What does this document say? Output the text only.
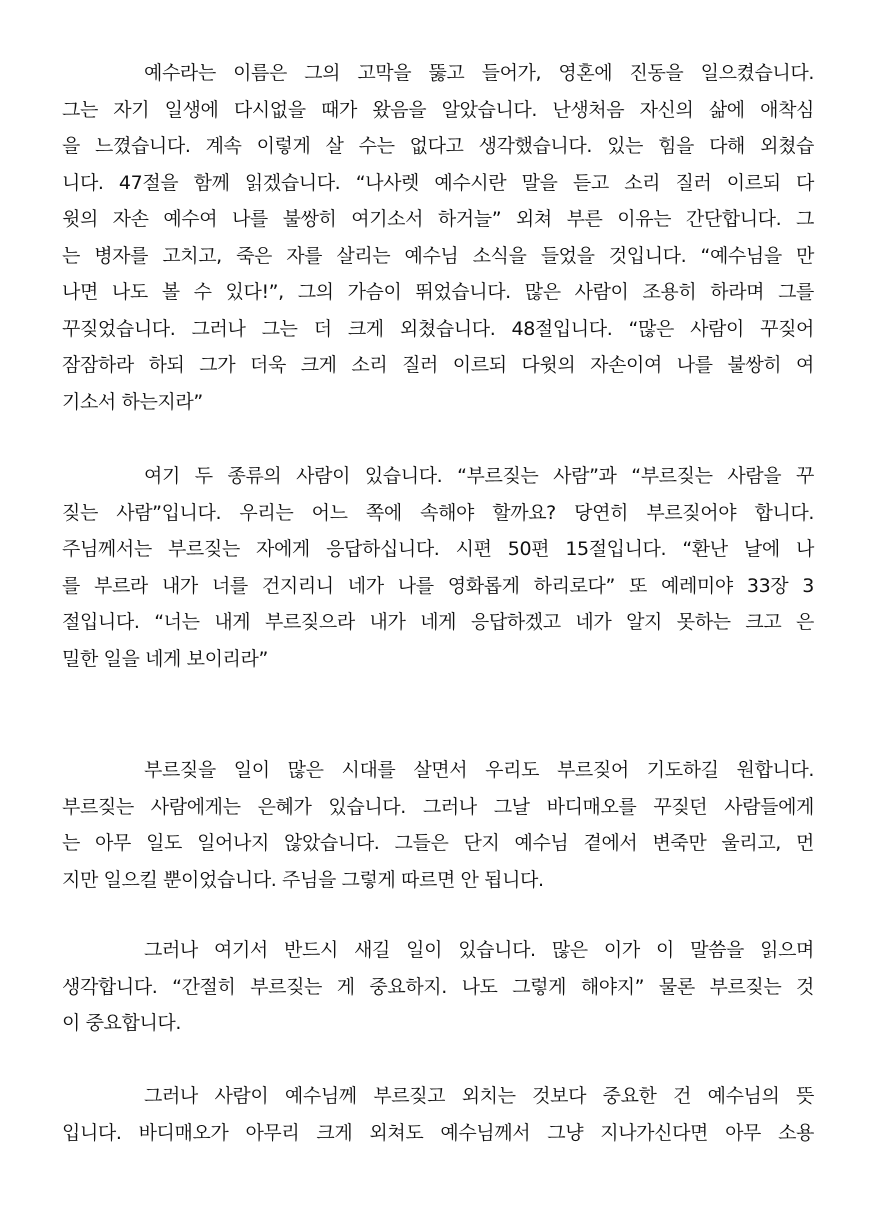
예수라는 이름은 그의 고막을 뚫고 들어가, 영혼에 진동을 일으켰습니다.
그는 자기 일생에 다시없을 때가 왔음을 알았습니다. 난생처음 자신의 삶에 애착심
을 느꼈습니다. 계속 이렇게 살 수는 없다고 생각했습니다. 있는 힘을 다해 외쳤습
니다. 47절을 함께 읽겠습니다. “나사렛 예수시란 말을 듣고 소리 질러 이르되 다
윗의 자손 예수여 나를 불쌍히 여기소서 하거늘” 외쳐 부른 이유는 간단합니다. 그
는 병자를 고치고, 죽은 자를 살리는 예수님 소식을 들었을 것입니다. “예수님을 만
나면 나도 볼 수 있다!”, 그의 가슴이 뛰었습니다. 많은 사람이 조용히 하라며 그를
꾸짖었습니다. 그러나 그는 더 크게 외쳤습니다. 48절입니다. “많은 사람이 꾸짖어
잠잠하라 하되 그가 더욱 크게 소리 질러 이르되 다윗의 자손이여 나를 불쌍히 여
기소서 하는지라”

여기 두 종류의 사람이 있습니다. “부르짖는 사람”과 “부르짖는 사람을 꾸
짖는 사람”입니다. 우리는 어느 쪽에 속해야 할까요? 당연히 부르짖어야 합니다.
주님께서는 부르짖는 자에게 응답하십니다. 시편 50편 15절입니다. “환난 날에 나
를 부르라 내가 너를 건지리니 네가 나를 영화롭게 하리로다” 또 예레미야 33장 3
절입니다. “너는 내게 부르짖으라 내가 네게 응답하겠고 네가 알지 못하는 크고 은
밀한 일을 네게 보이리라”

부르짖을 일이 많은 시대를 살면서 우리도 부르짖어 기도하길 원합니다.
부르짖는 사람에게는 은혜가 있습니다. 그러나 그날 바디매오를 꾸짖던 사람들에게
는 아무 일도 일어나지 않았습니다. 그들은 단지 예수님 곁에서 변죽만 울리고, 먼
지만 일으킬 뿐이었습니다. 주님을 그렇게 따르면 안 됩니다.

그러나 여기서 반드시 새길 일이 있습니다. 많은 이가 이 말씀을 읽으며
생각합니다. “간절히 부르짖는 게 중요하지. 나도 그렇게 해야지” 물론 부르짖는 것
이 중요합니다.

그러나 사람이 예수님께 부르짖고 외치는 것보다 중요한 건 예수님의 뜻
입니다. 바디매오가 아무리 크게 외쳐도 예수님께서 그냥 지나가신다면 아무 소용
